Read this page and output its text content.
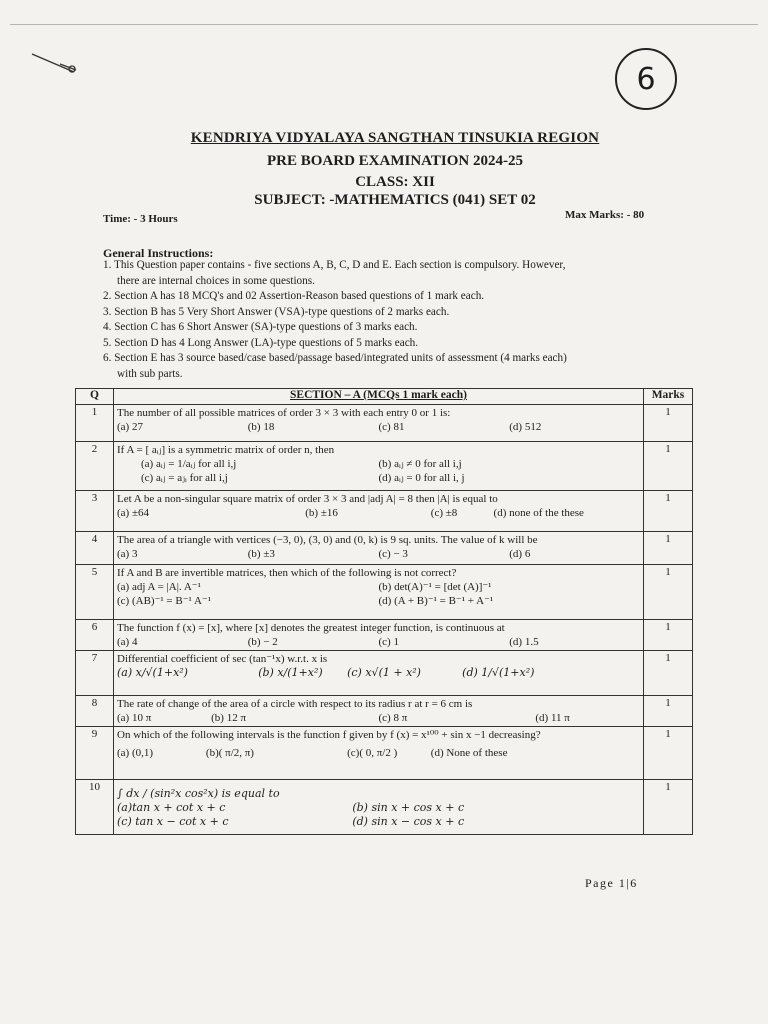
6
KENDRIYA VIDYALAYA SANGTHAN TINSUKIA REGION
PRE BOARD EXAMINATION 2024-25
CLASS: XII
SUBJECT: -MATHEMATICS (041) SET 02
Time: - 3 Hours	Max Marks: - 80
General Instructions:
1. This Question paper contains - five sections A, B, C, D and E. Each section is compulsory. However,
there are internal choices in some questions.
2. Section A has 18 MCQ's and 02 Assertion-Reason based questions of 1 mark each.
3. Section B has 5 Very Short Answer (VSA)-type questions of 2 marks each.
4. Section C has 6 Short Answer (SA)-type questions of 3 marks each.
5. Section D has 4 Long Answer (LA)-type questions of 5 marks each.
6. Section E has 3 source based/case based/passage based/integrated units of assessment (4 marks each)
with sub parts.
Q	SECTION – A (MCQs 1 mark each)	Marks
1	The number of all possible matrices of order 3 × 3 with each entry 0 or 1 is:
(a) 27 (b) 18 (c) 81 (d) 512	1
2	If A = [ aᵢⱼ] is a symmetric matrix of order n, then
(a) aᵢⱼ = 1/aᵢⱼ for all i,j (b) aᵢⱼ ≠ 0 for all i,j
(c) aᵢⱼ = aⱼᵢ for all i,j (d) aᵢⱼ = 0 for all i, j	1
3	Let A be a non-singular square matrix of order 3 × 3 and |adj A| = 8 then |A| is equal to
(a) ±64 (b) ±16 (c) ±8 (d) none of the these	1
4	The area of a triangle with vertices (−3, 0), (3, 0) and (0, k) is 9 sq. units. The value of k will be
(a) 3 (b) ±3 (c) − 3 (d) 6	1
5	If A and B are invertible matrices, then which of the following is not correct?
(a) adj A = |A|. A⁻¹ (b) det(A)⁻¹ = [det (A)]⁻¹
(c) (AB)⁻¹ = B⁻¹ A⁻¹ (d) (A + B)⁻¹ = B⁻¹ + A⁻¹	1
6	The function f (x) = [x], where [x] denotes the greatest integer function, is continuous at
(a) 4 (b) − 2 (c) 1 (d) 1.5	1
7	Differential coefficient of sec (tan⁻¹x) w.r.t. x is
(a) x/√(1+x²) (b) x/(1+x²) (c) x√(1 + x²) (d) 1/√(1+x²)	1
8	The rate of change of the area of a circle with respect to its radius r at r = 6 cm is
(a) 10 π (b) 12 π (c) 8 π (d) 11 π	1
9	On which of the following intervals is the function f given by f (x) = x¹⁰⁰ + sin x −1 decreasing?
(a) (0,1) (b)( π/2, π) (c)( 0, π/2 ) (d) None of these	1
10	∫ dx / (sin²x cos²x) is equal to
(a)tan x + cot x + c (b) sin x + cos x + c
(c) tan x − cot x + c (d) sin x − cos x + c	1
Page 1|6
